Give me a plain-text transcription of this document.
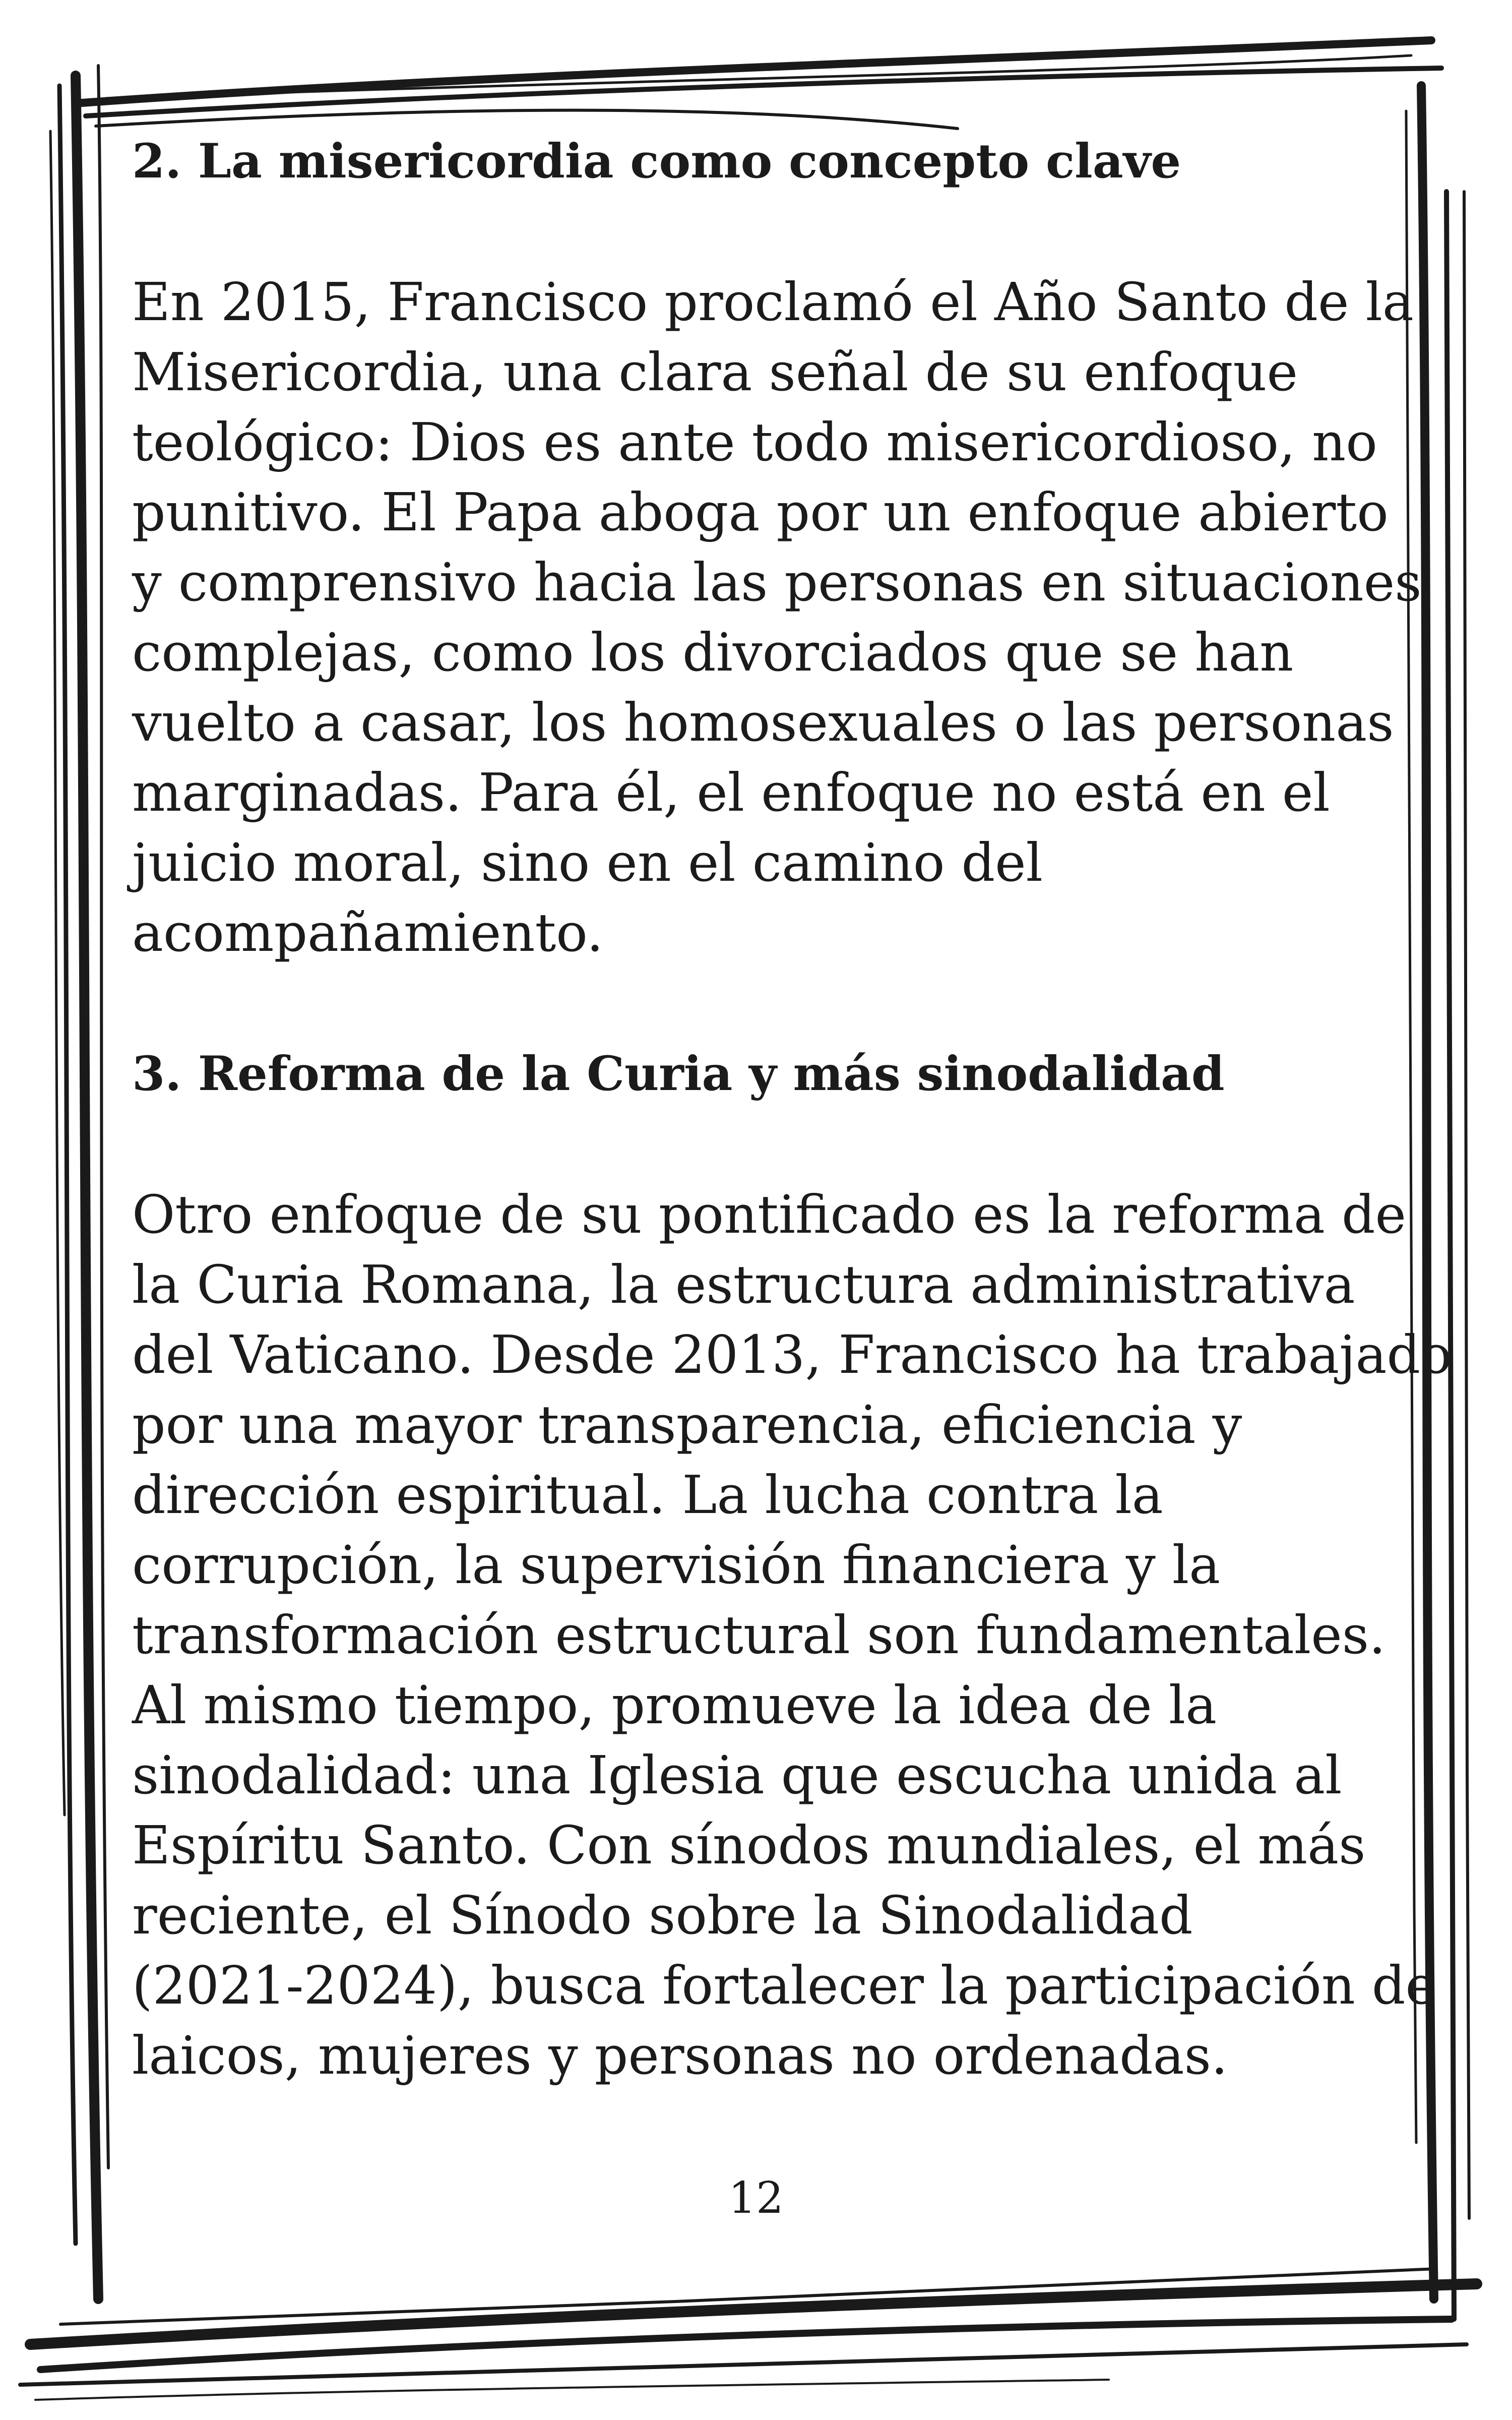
2. La misericordia como concepto clave

En 2015, Francisco proclamó el Año Santo de la
Misericordia, una clara señal de su enfoque
teológico: Dios es ante todo misericordioso, no
punitivo. El Papa aboga por un enfoque abierto
y comprensivo hacia las personas en situaciones
complejas, como los divorciados que se han
vuelto a casar, los homosexuales o las personas
marginadas. Para él, el enfoque no está en el
juicio moral, sino en el camino del
acompañamiento.

3. Reforma de la Curia y más sinodalidad

Otro enfoque de su pontificado es la reforma de
la Curia Romana, la estructura administrativa
del Vaticano. Desde 2013, Francisco ha trabajado
por una mayor transparencia, eficiencia y
dirección espiritual. La lucha contra la
corrupción, la supervisión financiera y la
transformación estructural son fundamentales.
Al mismo tiempo, promueve la idea de la
sinodalidad: una Iglesia que escucha unida al
Espíritu Santo. Con sínodos mundiales, el más
reciente, el Sínodo sobre la Sinodalidad
(2021-2024), busca fortalecer la participación de
laicos, mujeres y personas no ordenadas.

12
